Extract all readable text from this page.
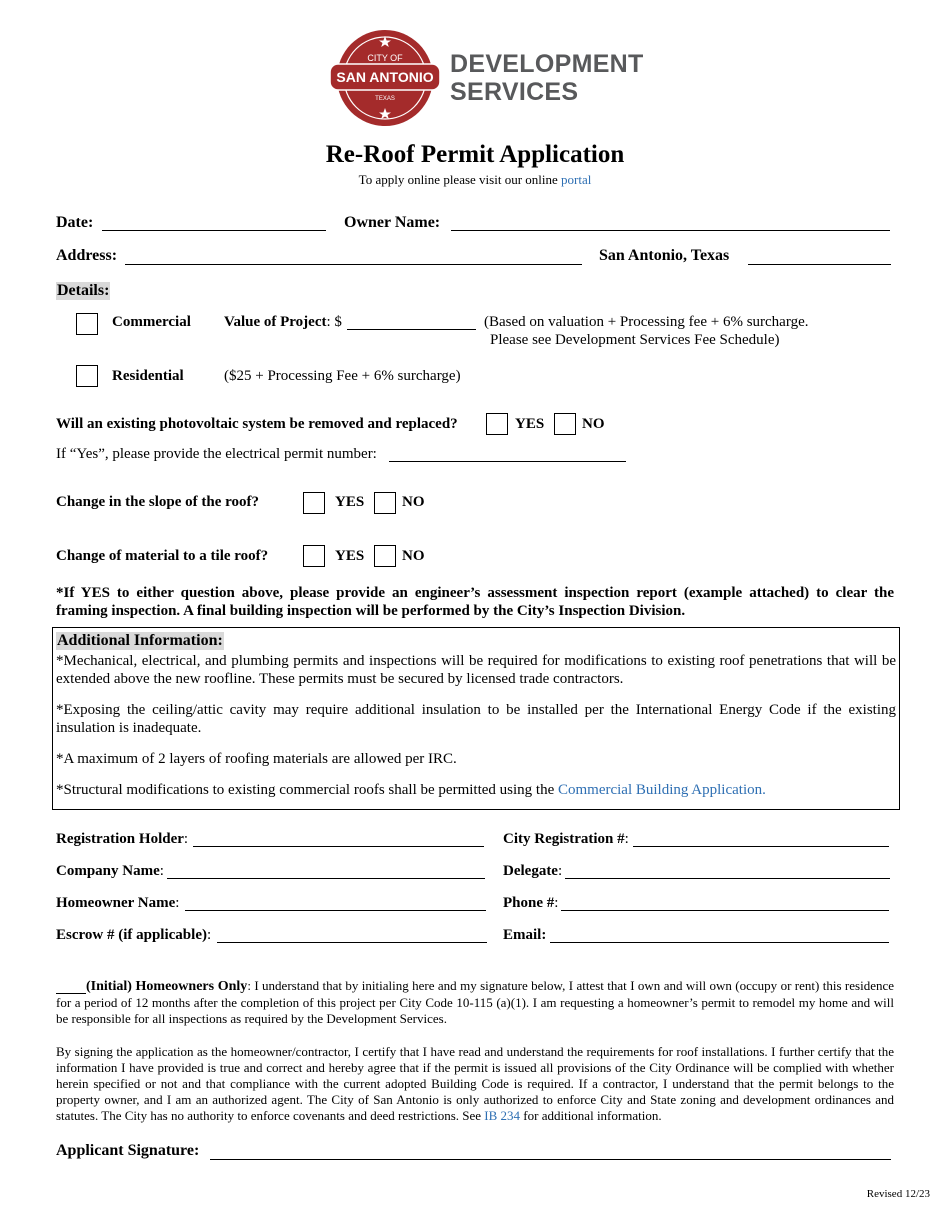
CITY OF
SAN ANTONIO
TEXAS
DEVELOPMENT
SERVICES
Re-Roof Permit Application
To apply online please visit our online portal
Date:	Owner Name:
Address:	San Antonio, Texas
Details:
Commercial Value of Project: $	(Based on valuation + Processing fee + 6% surcharge.
Please see Development Services Fee Schedule)
Residential	($25 + Processing Fee + 6% surcharge)
Will an existing photovoltaic system be removed and replaced?	YES	NO
If “Yes”, please provide the electrical permit number:
Change in the slope of the roof?	YES	NO
Change of material to a tile roof?	YES	NO
*If YES to either question above, please provide an engineer’s assessment inspection report (example attached) to clear the framing inspection. A final building inspection will be performed by the City’s Inspection Division.
Additional Information:
*Mechanical, electrical, and plumbing permits and inspections will be required for modifications to existing roof penetrations that will be extended above the new roofline. These permits must be secured by licensed trade contractors.
*Exposing the ceiling/attic cavity may require additional insulation to be installed per the International Energy Code if the existing insulation is inadequate.
*A maximum of 2 layers of roofing materials are allowed per IRC.
*Structural modifications to existing commercial roofs shall be permitted using the Commercial Building Application.
Registration Holder:	City Registration #:
Company Name:	Delegate:
Homeowner Name:	Phone #:
Escrow # (if applicable):	Email:
(Initial) Homeowners Only: I understand that by initialing here and my signature below, I attest that I own and will own (occupy or rent) this residence for a period of 12 months after the completion of this project per City Code 10-115 (a)(1). I am requesting a homeowner’s permit to remodel my home and will be responsible for all inspections as required by the Development Services.
By signing the application as the homeowner/contractor, I certify that I have read and understand the requirements for roof installations. I further certify that the information I have provided is true and correct and hereby agree that if the permit is issued all provisions of the City Ordinance will be complied with whether herein specified or not and that compliance with the current adopted Building Code is required. If a contractor, I understand that the permit belongs to the property owner, and I am an authorized agent. The City of San Antonio is only authorized to enforce City and State zoning and development ordinances and statutes. The City has no authority to enforce covenants and deed restrictions. See IB 234 for additional information.
Applicant Signature:
Revised 12/23
